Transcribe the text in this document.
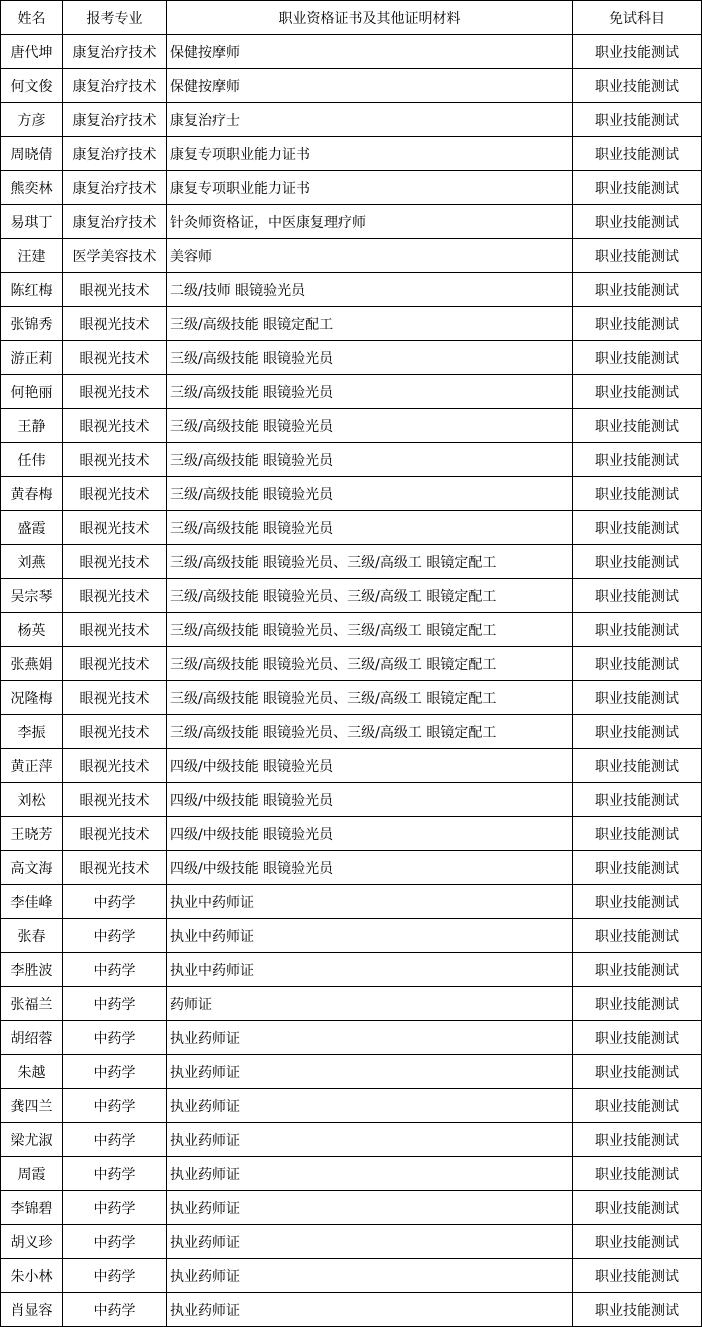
姓名	报考专业	职业资格证书及其他证明材料	免试科目
唐代坤	康复治疗技术	保健按摩师	职业技能测试
何文俊	康复治疗技术	保健按摩师	职业技能测试
方彦	康复治疗技术	康复治疗士	职业技能测试
周晓倩	康复治疗技术	康复专项职业能力证书	职业技能测试
熊奕林	康复治疗技术	康复专项职业能力证书	职业技能测试
易琪丁	康复治疗技术	针灸师资格证，中医康复理疗师	职业技能测试
汪建	医学美容技术	美容师	职业技能测试
陈红梅	眼视光技术	二级/技师 眼镜验光员	职业技能测试
张锦秀	眼视光技术	三级/高级技能 眼镜定配工	职业技能测试
游正莉	眼视光技术	三级/高级技能 眼镜验光员	职业技能测试
何艳丽	眼视光技术	三级/高级技能 眼镜验光员	职业技能测试
王静	眼视光技术	三级/高级技能 眼镜验光员	职业技能测试
任伟	眼视光技术	三级/高级技能 眼镜验光员	职业技能测试
黄春梅	眼视光技术	三级/高级技能 眼镜验光员	职业技能测试
盛霞	眼视光技术	三级/高级技能 眼镜验光员	职业技能测试
刘燕	眼视光技术	三级/高级技能 眼镜验光员、三级/高级工 眼镜定配工	职业技能测试
吴宗琴	眼视光技术	三级/高级技能 眼镜验光员、三级/高级工 眼镜定配工	职业技能测试
杨英	眼视光技术	三级/高级技能 眼镜验光员、三级/高级工 眼镜定配工	职业技能测试
张燕娟	眼视光技术	三级/高级技能 眼镜验光员、三级/高级工 眼镜定配工	职业技能测试
况隆梅	眼视光技术	三级/高级技能 眼镜验光员、三级/高级工 眼镜定配工	职业技能测试
李振	眼视光技术	三级/高级技能 眼镜验光员、三级/高级工 眼镜定配工	职业技能测试
黄正萍	眼视光技术	四级/中级技能 眼镜验光员	职业技能测试
刘松	眼视光技术	四级/中级技能 眼镜验光员	职业技能测试
王晓芳	眼视光技术	四级/中级技能 眼镜验光员	职业技能测试
高文海	眼视光技术	四级/中级技能 眼镜验光员	职业技能测试
李佳峰	中药学	执业中药师证	职业技能测试
张春	中药学	执业中药师证	职业技能测试
李胜波	中药学	执业中药师证	职业技能测试
张福兰	中药学	药师证	职业技能测试
胡绍蓉	中药学	执业药师证	职业技能测试
朱越	中药学	执业药师证	职业技能测试
龚四兰	中药学	执业药师证	职业技能测试
梁尤淑	中药学	执业药师证	职业技能测试
周霞	中药学	执业药师证	职业技能测试
李锦碧	中药学	执业药师证	职业技能测试
胡义珍	中药学	执业药师证	职业技能测试
朱小林	中药学	执业药师证	职业技能测试
肖显容	中药学	执业药师证	职业技能测试
